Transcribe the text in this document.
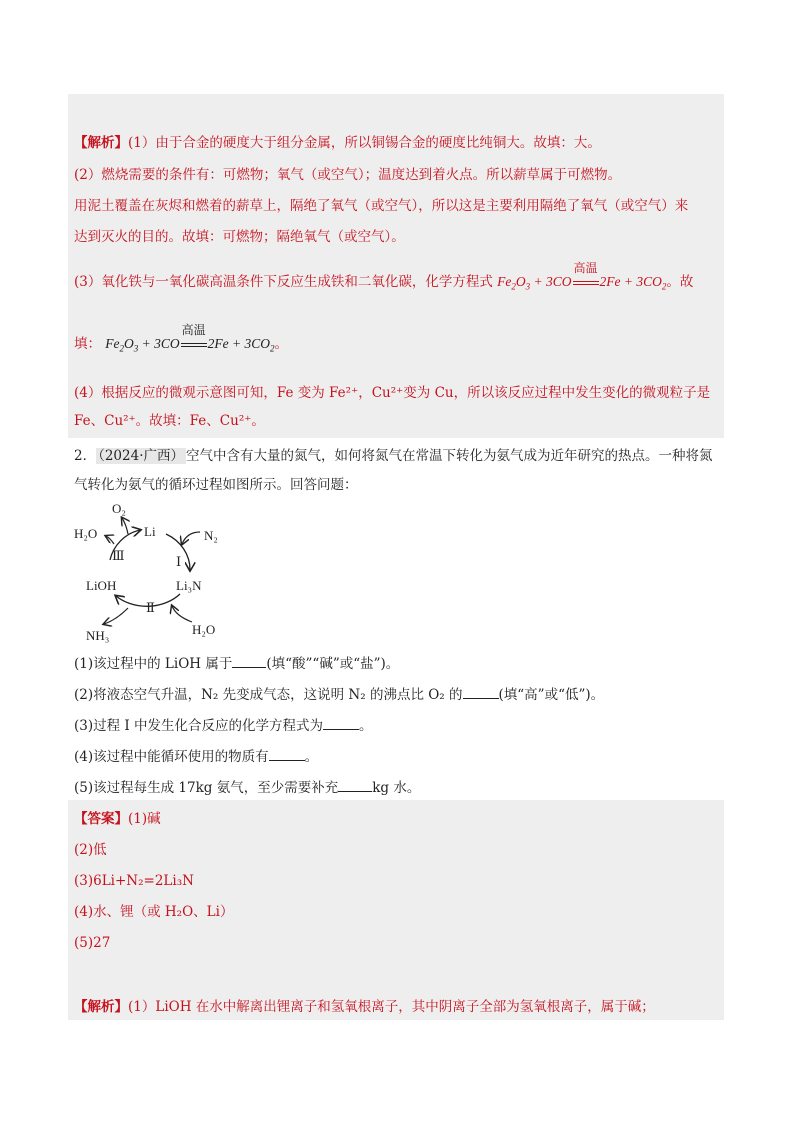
【解析】(1）由于合金的硬度大于组分金属，所以铜锡合金的硬度比纯铜大。故填：大。
(2）燃烧需要的条件有：可燃物；氧气（或空气）；温度达到着火点。所以薪草属于可燃物。
用泥土覆盖在灰烬和燃着的薪草上，隔绝了氧气（或空气），所以这是主要利用隔绝了氧气（或空气）来
达到灭火的目的。故填：可燃物；隔绝氧气（或空气）。
(3）氧化铁与一氧化碳高温条件下反应生成铁和二氧化碳，化学方程式 $Fe_2O_3 + 3CO$
高温
$2Fe + 3CO_2$。故
填： $Fe_2O_3 + 3CO$
高温
$2Fe + 3CO_2$。
(4）根据反应的微观示意图可知，Fe 变为 Fe²⁺，Cu²⁺变为 Cu，所以该反应过程中发生变化的微观粒子是
Fe、Cu²⁺。故填：Fe、Cu²⁺。
2． （2024·广西） 空气中含有大量的氮气，如何将氮气在常温下转化为氨气成为近年研究的热点。一种将氮
气转化为氨气的循环过程如图所示。回答问题：
O₂
Li	N₂
H₂O
Ⅲ	Ⅰ
LiOH	Li₃N
Ⅱ
NH₃	H₂O
(1)该过程中的 LiOH 属于	(填“酸”“碱”或“盐”)。
(2)将液态空气升温，N₂ 先变成气态，这说明 N₂ 的沸点比 O₂ 的	(填“高”或“低”)。
(3)过程 I 中发生化合反应的化学方程式为	。
(4)该过程中能循环使用的物质有	。
(5)该过程每生成 17kg 氨气，至少需要补充	kg 水。
【答案】(1)碱
(2)低
(3)6Li+N₂=2Li₃N
(4)水、锂（或 H₂O、Li）
(5)27
【解析】(1）LiOH 在水中解离出锂离子和氢氧根离子，其中阴离子全部为氢氧根离子，属于碱；
